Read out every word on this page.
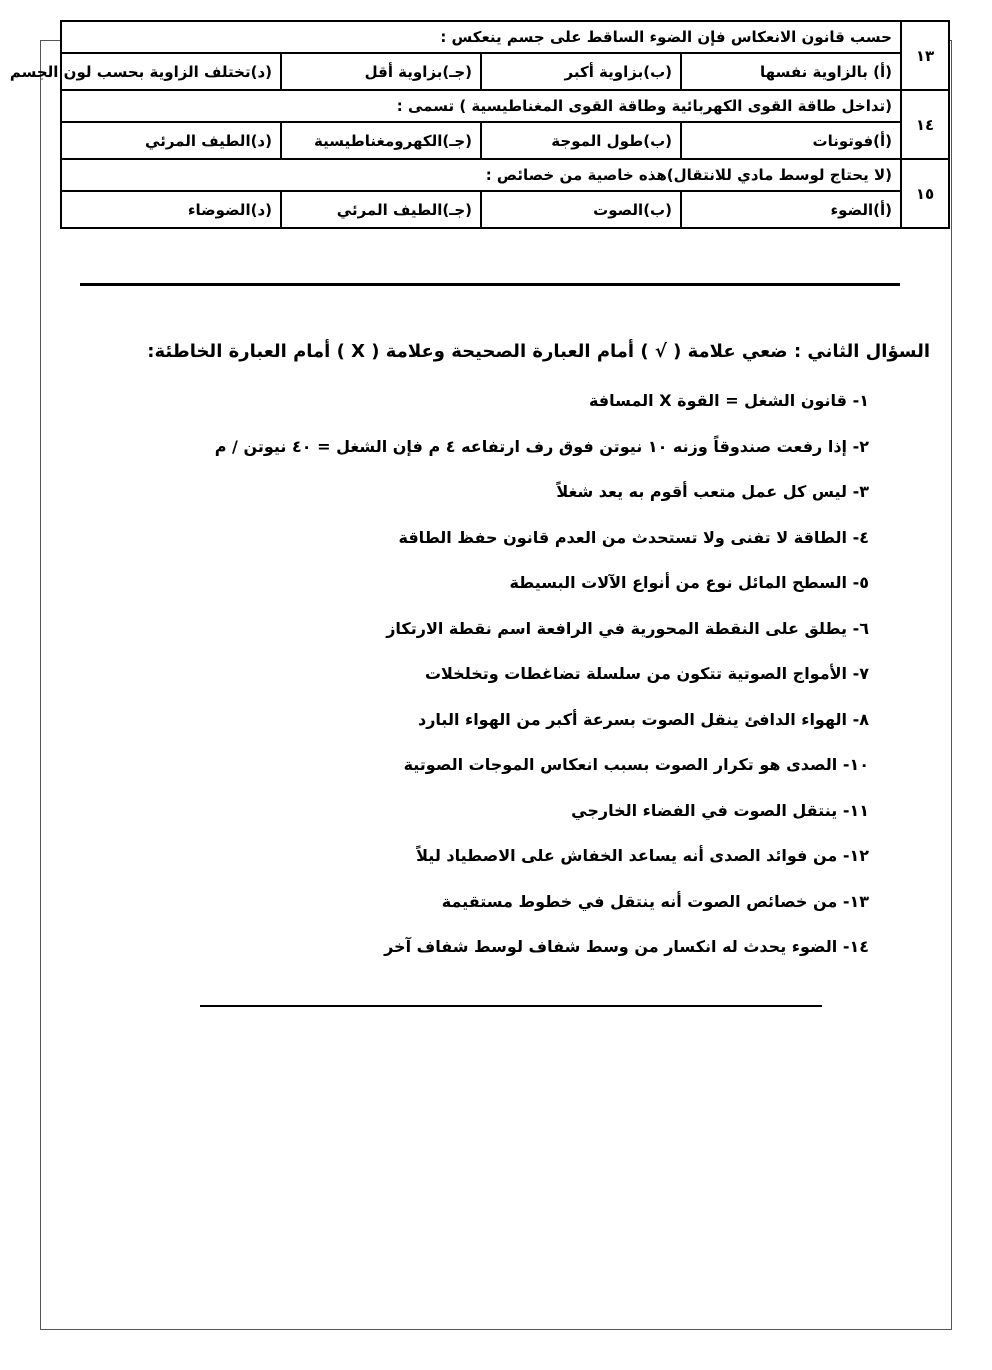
١٣	حسب قانون الانعكاس فإن الضوء الساقط على جسم ينعكس :			
	(أ) بالزاوية نفسها	(ب)بزاوية أكبر	(جـ)بزاوية أقل	(د)تختلف الزاوية بحسب لون الجسم
١٤	(تداخل طاقة القوى الكهربائية وطاقة القوى المغناطيسية ) تسمى :			
	(أ)فوتونات	(ب)طول الموجة	(جـ)الكهرومغناطيسية	(د)الطيف المرئي
١٥	(لا يحتاج لوسط مادي للانتقال)هذه خاصية من خصائص :			
	(أ)الضوء	(ب)الصوت	(جـ)الطيف المرئي	(د)الضوضاء
السؤال الثاني : ضعي علامة ( √ ) أمام العبارة الصحيحة وعلامة ( X ) أمام العبارة الخاطئة:
١- قانون الشغل = القوة X المسافة
٢- إذا رفعت صندوقاً وزنه ١٠ نيوتن فوق رف ارتفاعه ٤ م فإن الشغل = ٤٠ نيوتن / م
٣- ليس كل عمل متعب أقوم به يعد شغلاً
٤- الطاقة لا تفنى ولا تستحدث من العدم قانون حفظ الطاقة
٥- السطح المائل نوع من أنواع الآلات البسيطة
٦- يطلق على النقطة المحورية في الرافعة اسم نقطة الارتكاز
٧- الأمواج الصوتية تتكون من سلسلة تضاغطات وتخلخلات
٨- الهواء الدافئ ينقل الصوت بسرعة أكبر من الهواء البارد
١٠- الصدى هو تكرار الصوت بسبب انعكاس الموجات الصوتية
١١- ينتقل الصوت في الفضاء الخارجي
١٢- من فوائد الصدى أنه يساعد الخفاش على الاصطياد ليلاً
١٣- من خصائص الصوت أنه ينتقل في خطوط مستقيمة
١٤- الضوء يحدث له انكسار من وسط شفاف لوسط شفاف آخر
